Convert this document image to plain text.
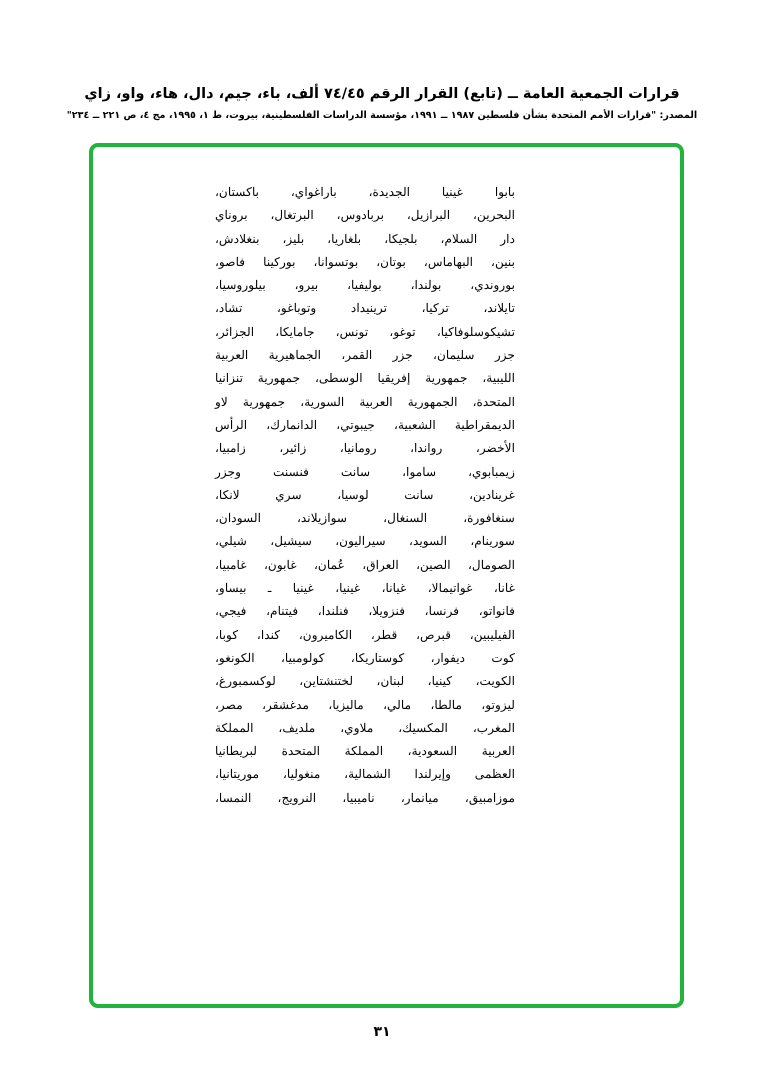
قرارات الجمعية العامة ــ (تابع) القرار الرقم ٧٤/٤٥ ألف، باء، جيم، دال، هاء، واو، زاي
المصدر: "قرارات الأمم المتحدة بشأن فلسطين ١٩٨٧ ــ ١٩٩١، مؤسسة الدراسات الفلسطينية، بيروت، ط ١، ١٩٩٥، مج ٤، ص ٢٢١ ــ ٢٣٤"
بابوا غينيا الجديدة، باراغواي، باكستان،
البحرين، البرازيل، بربادوس، البرتغال، بروناي
دار السلام، بلجيكا، بلغاريا، بليز، بنغلادش،
بنين، البهاماس، بوتان، بوتسوانا، بوركينا فاصو،
بوروندي، بولندا، بوليفيا، بيرو، بيلوروسيا،
تايلاند، تركيا، ترينيداد وتوباغو، تشاد،
تشيكوسلوفاكيا، توغو، تونس، جامايكا، الجزائر،
جزر سليمان، جزر القمر، الجماهيرية العربية
الليبية، جمهورية إفريقيا الوسطى، جمهورية تنزانيا
المتحدة، الجمهورية العربية السورية، جمهورية لاو
الديمقراطية الشعبية، جيبوتي، الدانمارك، الرأس
الأخضر، رواندا، رومانيا، زائير، زامبيا،
زيمبابوي، ساموا، سانت فنسنت وجزر
غرينادين، سانت لوسيا، سري لانكا،
سنغافورة، السنغال، سوازيلاند، السودان،
سورينام، السويد، سيراليون، سيشيل، شيلي،
الصومال، الصين، العراق، عُمان، غابون، غامبيا،
غانا، غواتيمالا، غيانا، غينيا، غينيا ـ بيساو،
فانواتو، فرنسا، فنزويلا، فنلندا، فيتنام، فيجي،
الفيليبين، قبرص، قطر، الكاميرون، كندا، كوبا،
كوت ديفوار، كوستاريكا، كولومبيا، الكونغو،
الكويت، كينيا، لبنان، لختنشتاين، لوكسمبورغ،
ليزوتو، مالطا، مالي، ماليزيا، مدغشقر، مصر،
المغرب، المكسيك، ملاوي، ملديف، المملكة
العربية السعودية، المملكة المتحدة لبريطانيا
العظمى وإيرلندا الشمالية، منغوليا، موريتانيا،
موزامبيق، ميانمار، ناميبيا، النرويج، النمسا،
٣١
